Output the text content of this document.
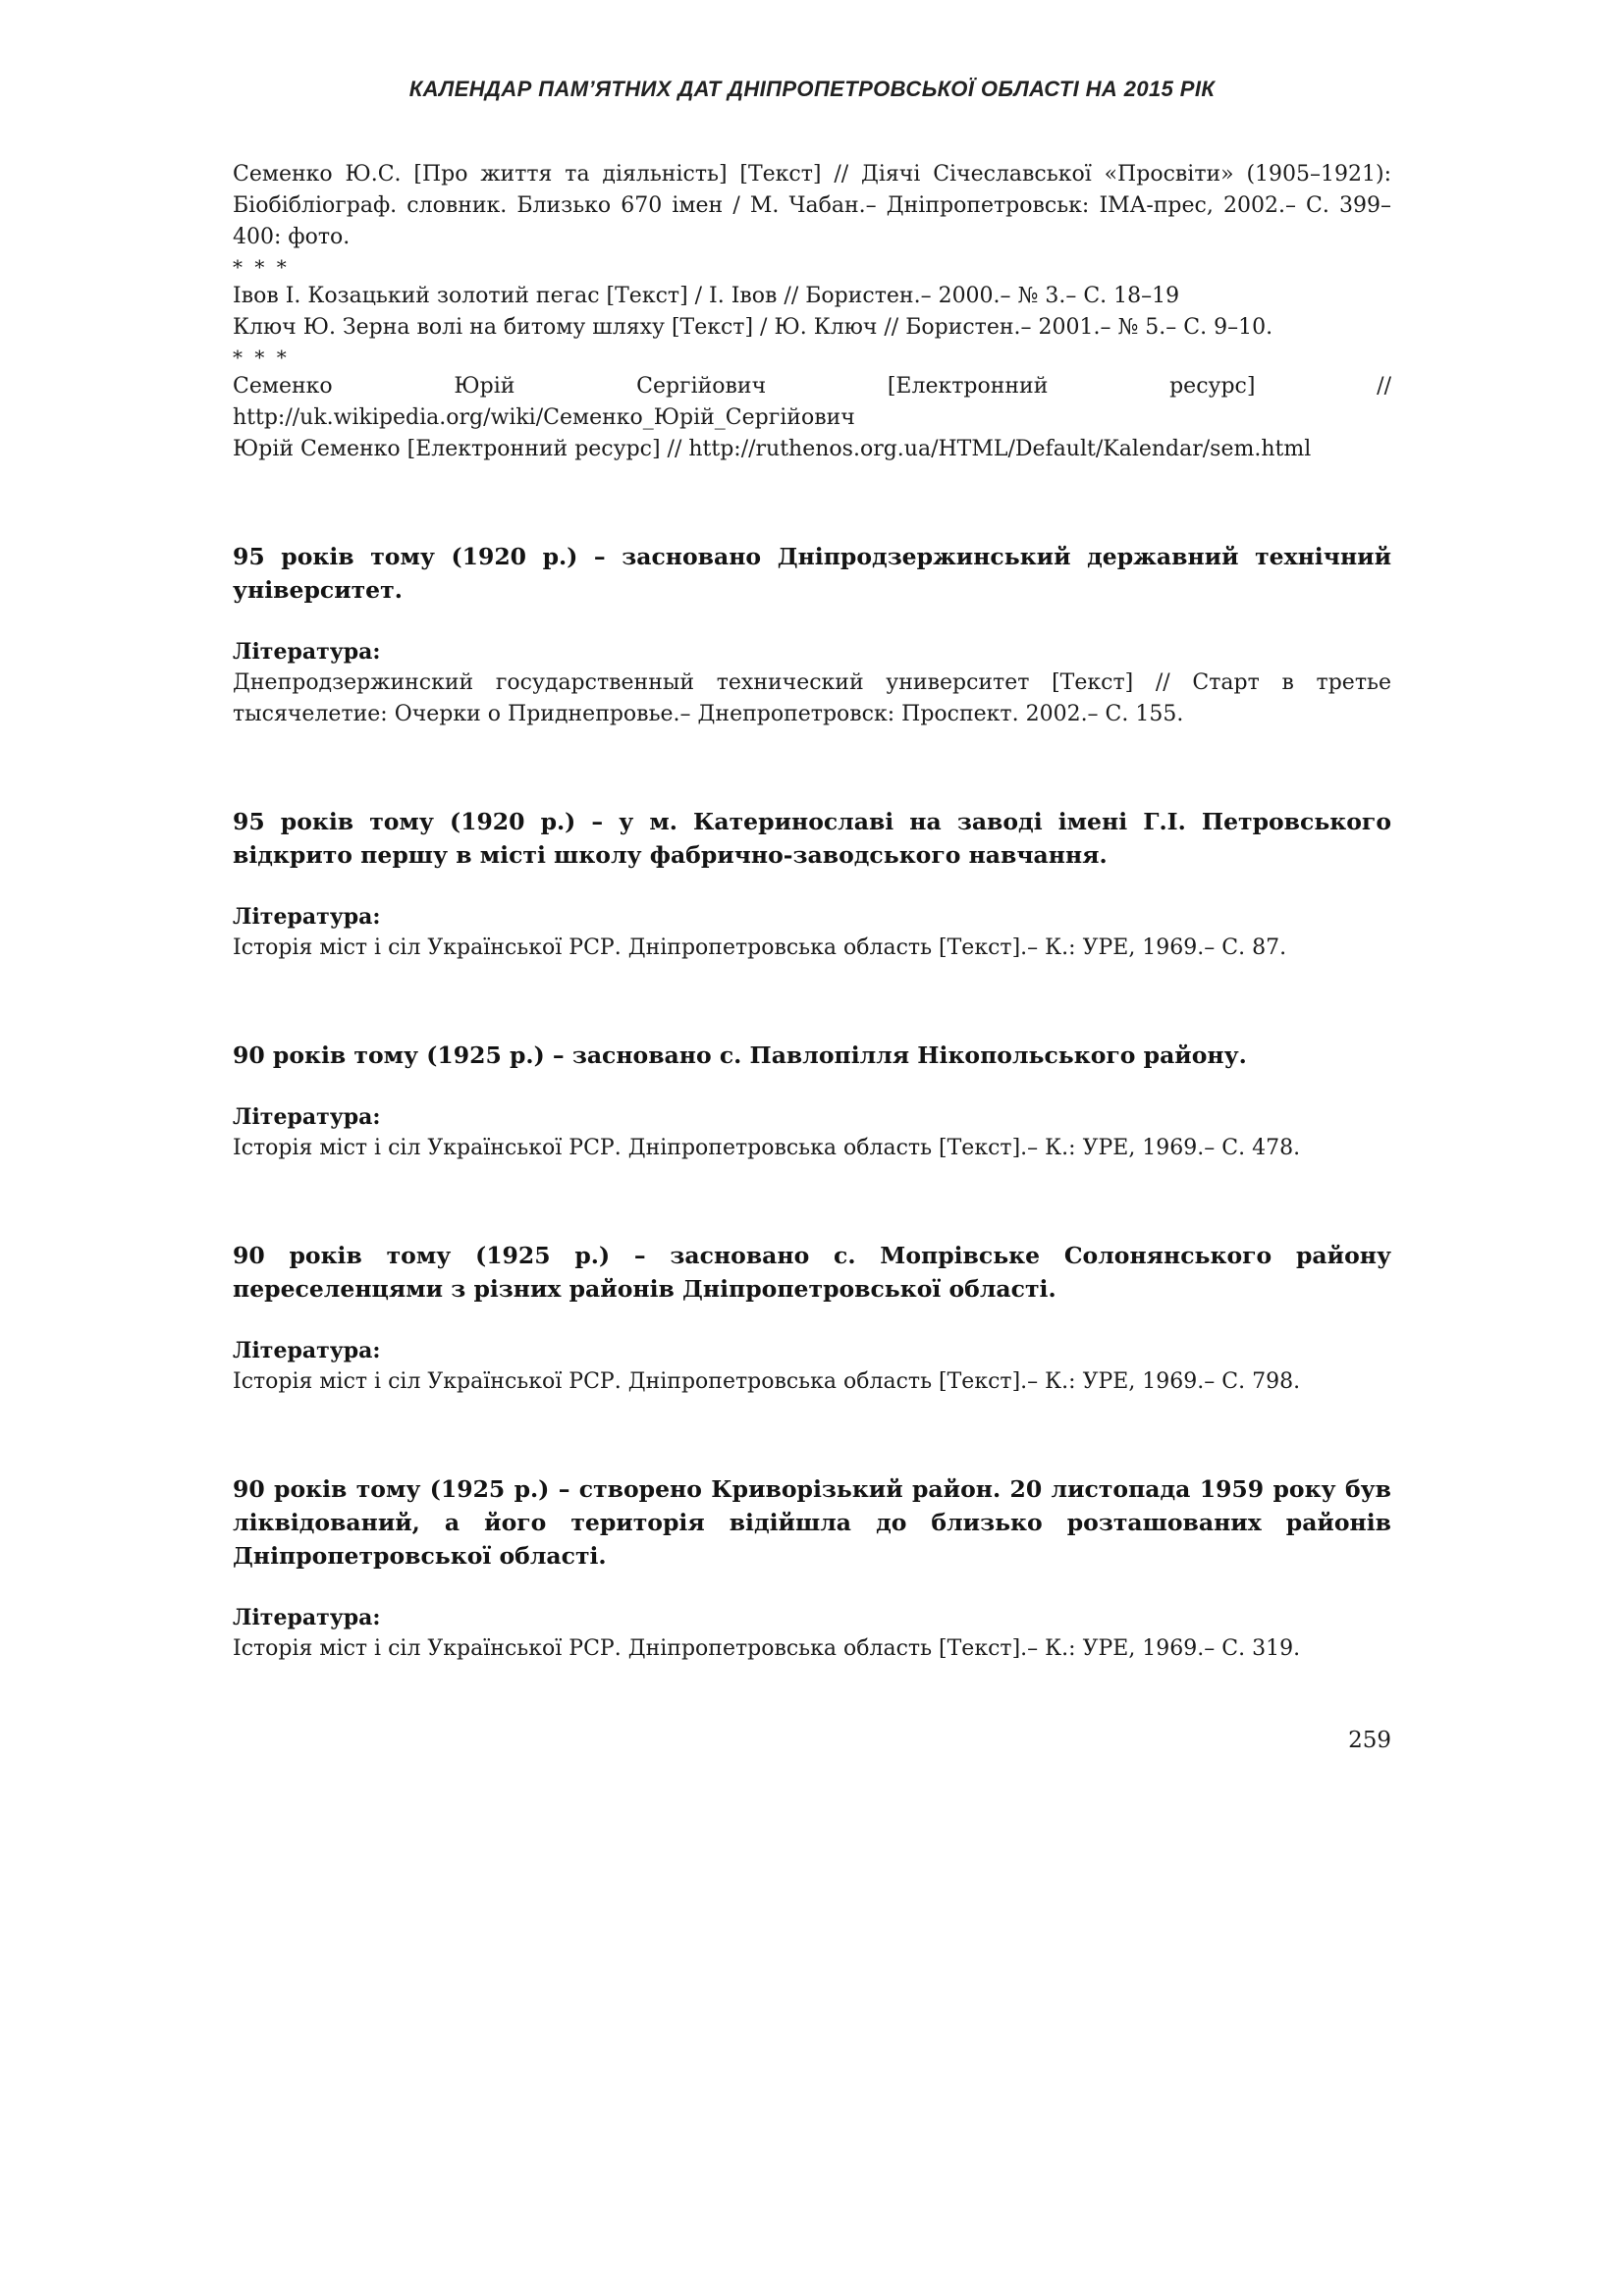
КАЛЕНДАР ПАМ’ЯТНИХ ДАТ ДНІПРОПЕТРОВСЬКОЇ ОБЛАСТІ НА 2015 РІК

Семенко Ю.С. [Про життя та діяльність] [Текст] // Діячі Січеславської «Просвіти» (1905–1921): Біобібліограф. словник. Близько 670 імен / М. Чабан.– Дніпропетровськ: ІМА-прес, 2002.– С. 399–400: фото.

* * *

Івов І. Козацький золотий пегас [Текст] / І. Івов // Бористен.– 2000.– № 3.– С. 18–19

Ключ Ю. Зерна волі на битому шляху [Текст] / Ю. Ключ // Бористен.– 2001.– № 5.– С. 9–10.

* * *

Семенко Юрій Сергійович [Електронний ресурс] //

http://uk.wikipedia.org/wiki/Семенко_Юрій_Сергійович

Юрій Семенко [Електронний ресурс] // http://ruthenos.org.ua/HTML/Default/Kalendar/sem.html

95 років тому (1920 р.) – засновано Дніпродзержинський державний технічний університет.

Література:

Днепродзержинский государственный технический университет [Текст] // Старт в третье тысячелетие: Очерки о Приднепровье.– Днепропетровск: Проспект. 2002.– С. 155.

95 років тому (1920 р.) – у м. Катеринославі на заводі імені Г.І. Петровського відкрито першу в місті школу фабрично-заводського навчання.

Література:

Історія міст і сіл Української РСР. Дніпропетровська область [Текст].– К.: УРЕ, 1969.– С. 87.

90 років тому (1925 р.) – засновано с. Павлопілля Нікопольського району.

Література:

Історія міст і сіл Української РСР. Дніпропетровська область [Текст].– К.: УРЕ, 1969.– С. 478.

90 років тому (1925 р.) – засновано с. Мопрівське Солонянського району переселенцями з різних районів Дніпропетровської області.

Література:

Історія міст і сіл Української РСР. Дніпропетровська область [Текст].– К.: УРЕ, 1969.– С. 798.

90 років тому (1925 р.) – створено Криворізький район. 20 листопада 1959 року був ліквідований, а його територія відійшла до близько розташованих районів Дніпропетровської області.

Література:

Історія міст і сіл Української РСР. Дніпропетровська область [Текст].– К.: УРЕ, 1969.– С. 319.

259
